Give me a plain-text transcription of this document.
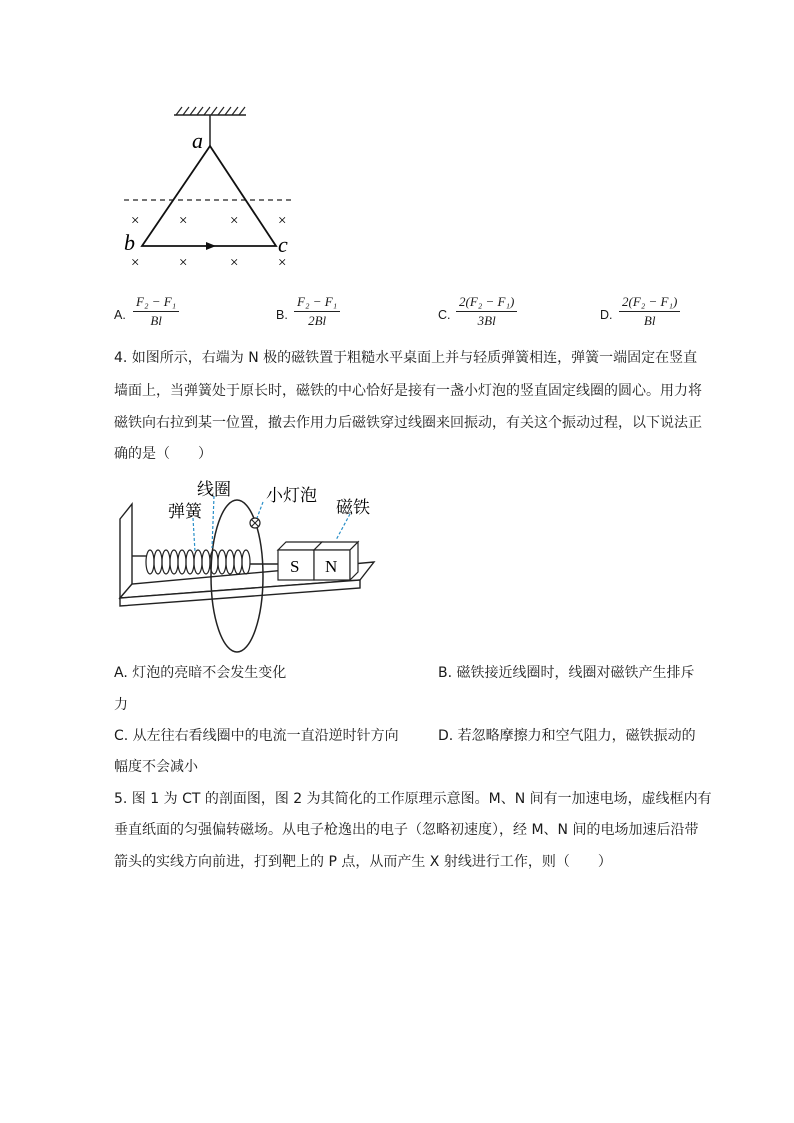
a
b	c
×	×	×	×
×	×	×	×
A. $\frac{\text{F₂ − F₁}}{Bl}$	B. $\frac{\text{F₂ − F₁}}{2Bl}$	C. $\frac{\text{2(F₂ − F₁)}}{3Bl}$	D. $\frac{\text{2(F₂ − F₁)}}{Bl}$
4. 如图所示，右端为 N 极的磁铁置于粗糙水平桌面上并与轻质弹簧相连，弹簧一端固定在竖直
墙面上，当弹簧处于原长时，磁铁的中心恰好是接有一盏小灯泡的竖直固定线圈的圆心。用力将
磁铁向右拉到某一位置，撤去作用力后磁铁穿过线圈来回振动，有关这个振动过程，以下说法正
确的是（　　）
S N
线圈
弹簧
小灯泡
磁铁
A. 灯泡的亮暗不会发生变化	B. 磁铁接近线圈时，线圈对磁铁产生排斥
力
C. 从左往右看线圈中的电流一直沿逆时针方向	D. 若忽略摩擦力和空气阻力，磁铁振动的
幅度不会减小
5. 图 1 为 CT 的剖面图，图 2 为其简化的工作原理示意图。M、N 间有一加速电场，虚线框内有
垂直纸面的匀强偏转磁场。从电子枪逸出的电子（忽略初速度），经 M、N 间的电场加速后沿带
箭头的实线方向前进，打到靶上的 P 点，从而产生 X 射线进行工作，则（　　）
